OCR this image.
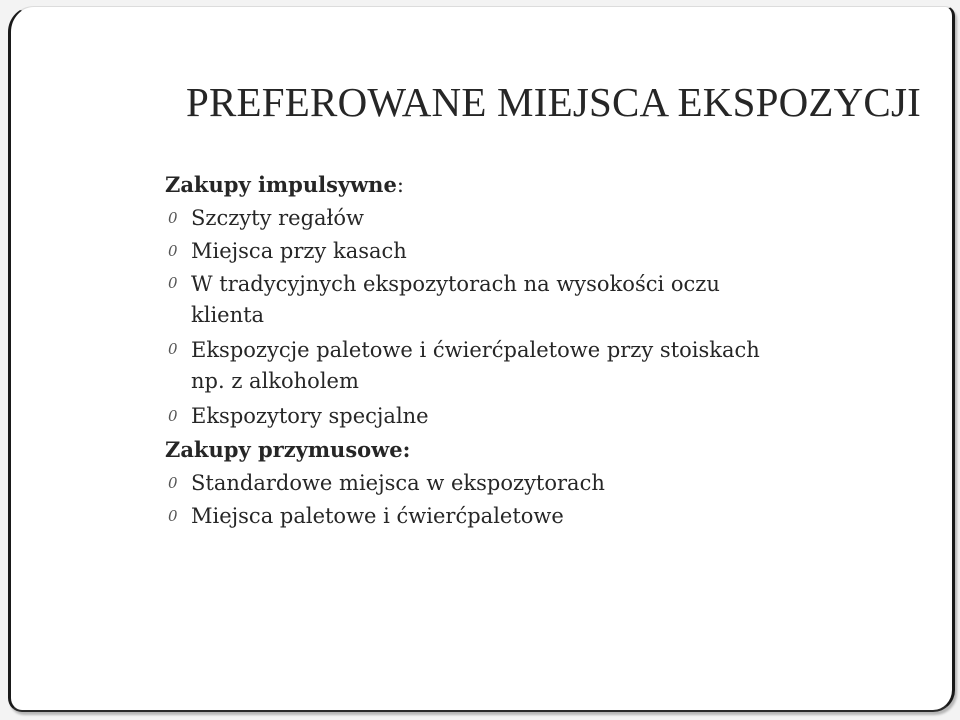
PREFEROWANE MIEJSCA EKSPOZYCJI

Zakupy impulsywne:

0 Szczyty regałów
0 Miejsca przy kasach
0 W tradycyjnych ekspozytorach na wysokości oczu klienta
0 Ekspozycje paletowe i ćwierćpaletowe przy stoiskach np. z alkoholem
0 Ekspozytory specjalne

Zakupy przymusowe:

0 Standardowe miejsca w ekspozytorach
0 Miejsca paletowe i ćwierćpaletowe
